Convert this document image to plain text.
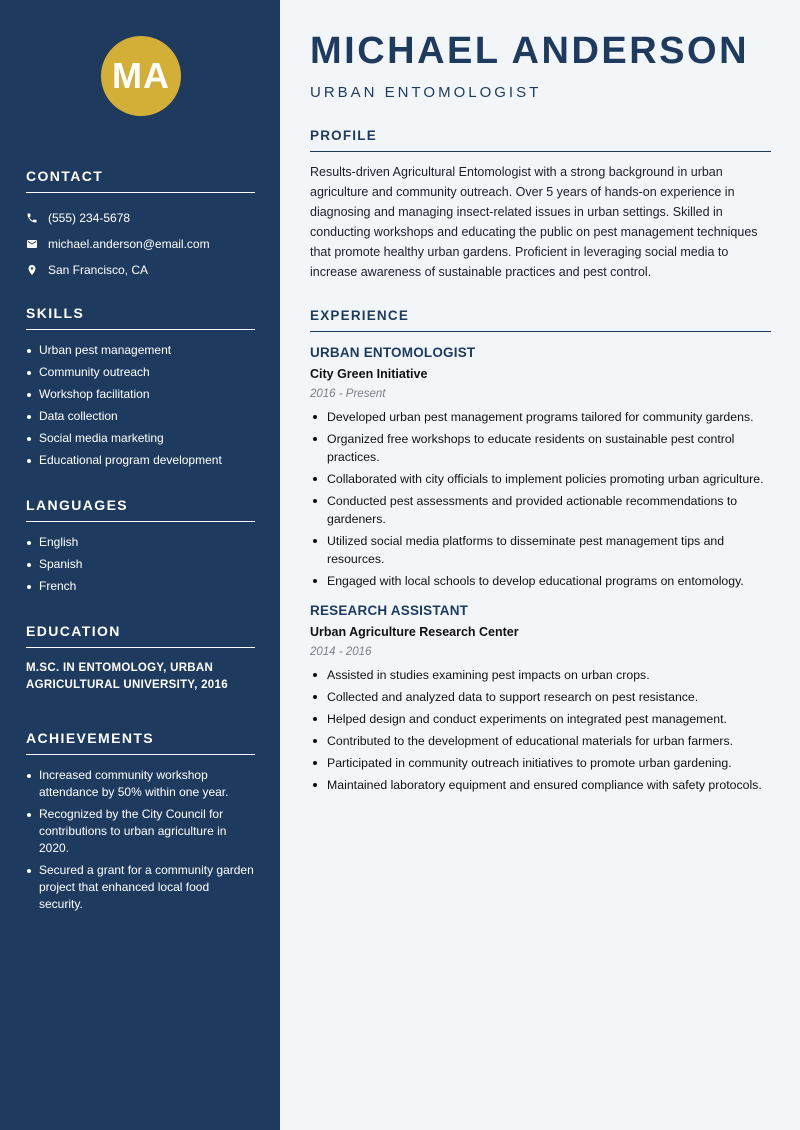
MA
CONTACT
(555) 234-5678
michael.anderson@email.com
San Francisco, CA
SKILLS
Urban pest management
Community outreach
Workshop facilitation
Data collection
Social media marketing
Educational program development
LANGUAGES
English
Spanish
French
EDUCATION
M.SC. IN ENTOMOLOGY, URBAN AGRICULTURAL UNIVERSITY, 2016
ACHIEVEMENTS
Increased community workshop attendance by 50% within one year.
Recognized by the City Council for contributions to urban agriculture in 2020.
Secured a grant for a community garden project that enhanced local food security.
MICHAEL ANDERSON
URBAN ENTOMOLOGIST
PROFILE
Results-driven Agricultural Entomologist with a strong background in urban agriculture and community outreach. Over 5 years of hands-on experience in diagnosing and managing insect-related issues in urban settings. Skilled in conducting workshops and educating the public on pest management techniques that promote healthy urban gardens. Proficient in leveraging social media to increase awareness of sustainable practices and pest control.
EXPERIENCE
URBAN ENTOMOLOGIST
City Green Initiative
2016 - Present
Developed urban pest management programs tailored for community gardens.
Organized free workshops to educate residents on sustainable pest control practices.
Collaborated with city officials to implement policies promoting urban agriculture.
Conducted pest assessments and provided actionable recommendations to gardeners.
Utilized social media platforms to disseminate pest management tips and resources.
Engaged with local schools to develop educational programs on entomology.
RESEARCH ASSISTANT
Urban Agriculture Research Center
2014 - 2016
Assisted in studies examining pest impacts on urban crops.
Collected and analyzed data to support research on pest resistance.
Helped design and conduct experiments on integrated pest management.
Contributed to the development of educational materials for urban farmers.
Participated in community outreach initiatives to promote urban gardening.
Maintained laboratory equipment and ensured compliance with safety protocols.
